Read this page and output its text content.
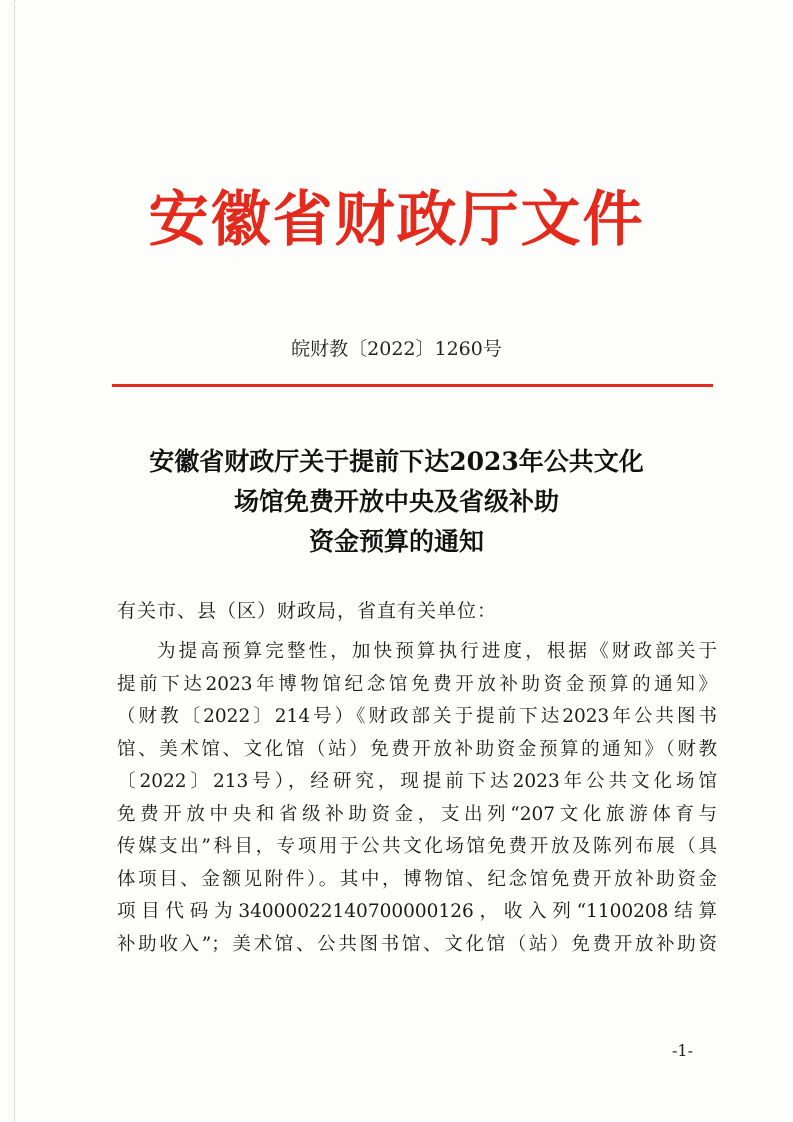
安徽省财政厅文件
皖财教〔2022〕1260号
安徽省财政厅关于提前下达2023年公共文化
场馆免费开放中央及省级补助
资金预算的通知
有关市、县（区）财政局，省直有关单位：
为提高预算完整性，加快预算执行进度，根据《财政部关于
提前下达2023年博物馆纪念馆免费开放补助资金预算的通知》
（财教〔2022〕214号）《财政部关于提前下达2023年公共图书
馆、美术馆、文化馆（站）免费开放补助资金预算的通知》（财教
〔2022〕213号），经研究，现提前下达2023年公共文化场馆
免费开放中央和省级补助资金，支出列“207文化旅游体育与
传媒支出”科目，专项用于公共文化场馆免费开放及陈列布展（具
体项目、金额见附件）。其中，博物馆、纪念馆免费开放补助资金
项目代码为34000022140700000126，收入列“1100208结算
补助收入”；美术馆、公共图书馆、文化馆（站）免费开放补助资
-1-
